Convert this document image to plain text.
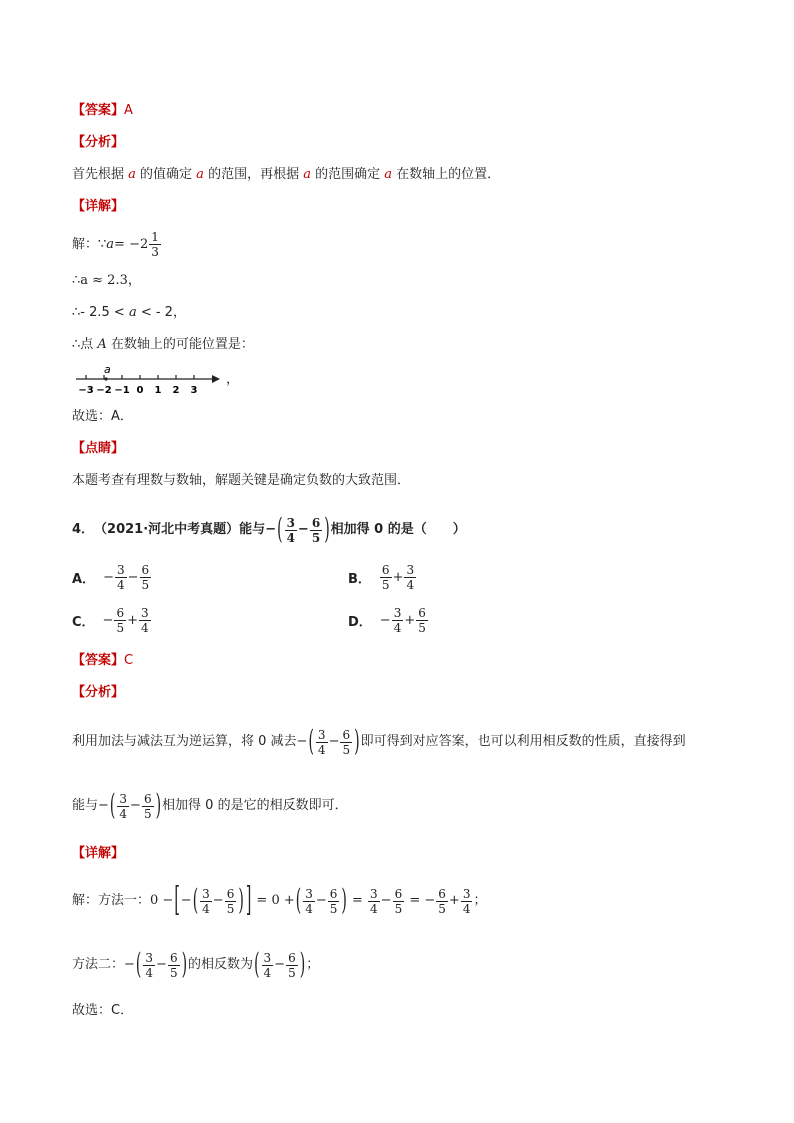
【答案】A
【分析】
首先根据 a 的值确定 a 的范围，再根据 a 的范围确定 a 在数轴上的位置．
【详解】
解：∵ $a = -2 \frac{1}{3}$
∴a ≈ 2.3，
∴- 2.5 < a < - 2，
∴点 A 在数轴上的可能位置是：
−3 −2 −1 0 1 2 3
a
，
故选：A．
【点睛】
本题考查有理数与数轴，解题关键是确定负数的大致范围．
4． （2021·河北中考真题） 能与 − ( $\frac{3}{4} - \frac{6}{5}$ ) 相加得 0 的是（　　）
A． − $\frac{3}{4} - \frac{6}{5}$	B． $\frac{6}{5} + \frac{3}{4}$
C． − $\frac{6}{5} + \frac{3}{4}$	D． − $\frac{3}{4} + \frac{6}{5}$
【答案】C
【分析】
利用加法与减法互为逆运算，将 0 减去 − ( $\frac{3}{4} - \frac{6}{5}$ ) 即可得到对应答案，也可以利用相反数的性质，直接得到
能与 − ( $\frac{3}{4} - \frac{6}{5}$ ) 相加得 0 的是它的相反数即可．
【详解】
解：方法一： 0 − [ − ( $\frac{3}{4} - \frac{6}{5}$ ) ] = 0 + ( $\frac{3}{4} - \frac{6}{5}$ ) = $\frac{3}{4} - \frac{6}{5}$ = − $\frac{6}{5} + \frac{3}{4}$ ；
方法二： − ( $\frac{3}{4} - \frac{6}{5}$ ) 的相反数为 ( $\frac{3}{4} - \frac{6}{5}$ ) ；
故选：C．
